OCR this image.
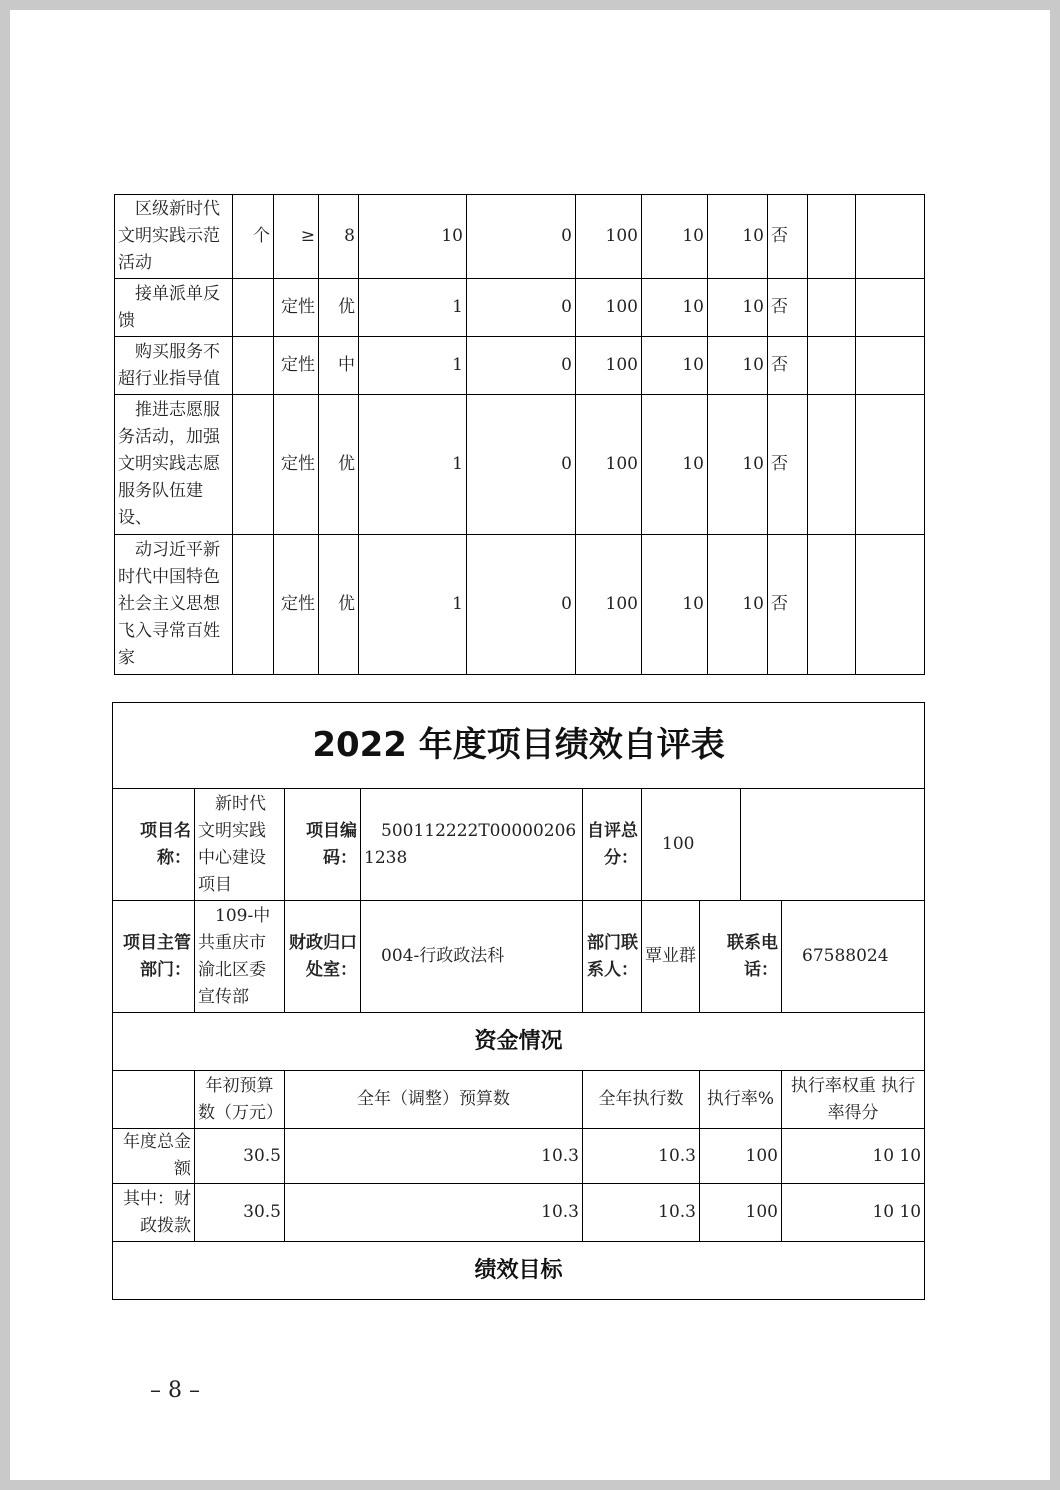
区级新时代文明实践示范活动	个	≥	8	10	0	100	10	10	否		
接单派单反馈		定性	优	1	0	100	10	10	否		
购买服务不超行业指导值		定性	中	1	0	100	10	10	否		
推进志愿服务活动，加强文明实践志愿服务队伍建设、		定性	优	1	0	100	10	10	否		
动习近平新时代中国特色社会主义思想飞入寻常百姓家		定性	优	1	0	100	10	10	否		
2022 年度项目绩效自评表								
项目名称：	新时代文明实践中心建设项目	项目编码：	500112222T000002061238	自评总分：	100			
项目主管部门：	109-中共重庆市渝北区委宣传部	财政归口处室：	004-行政政法科	部门联系人：	覃业群	联系电话：		67588024
资金情况								
	年初预算数（万元）	全年（调整）预算数		全年执行数		执行率%		执行率权重 执行率得分
年度总金额	30.5	10.3		10.3		100		10 10
其中：财政拨款	30.5	10.3		10.3		100		10 10
绩效目标								
– 8 –
